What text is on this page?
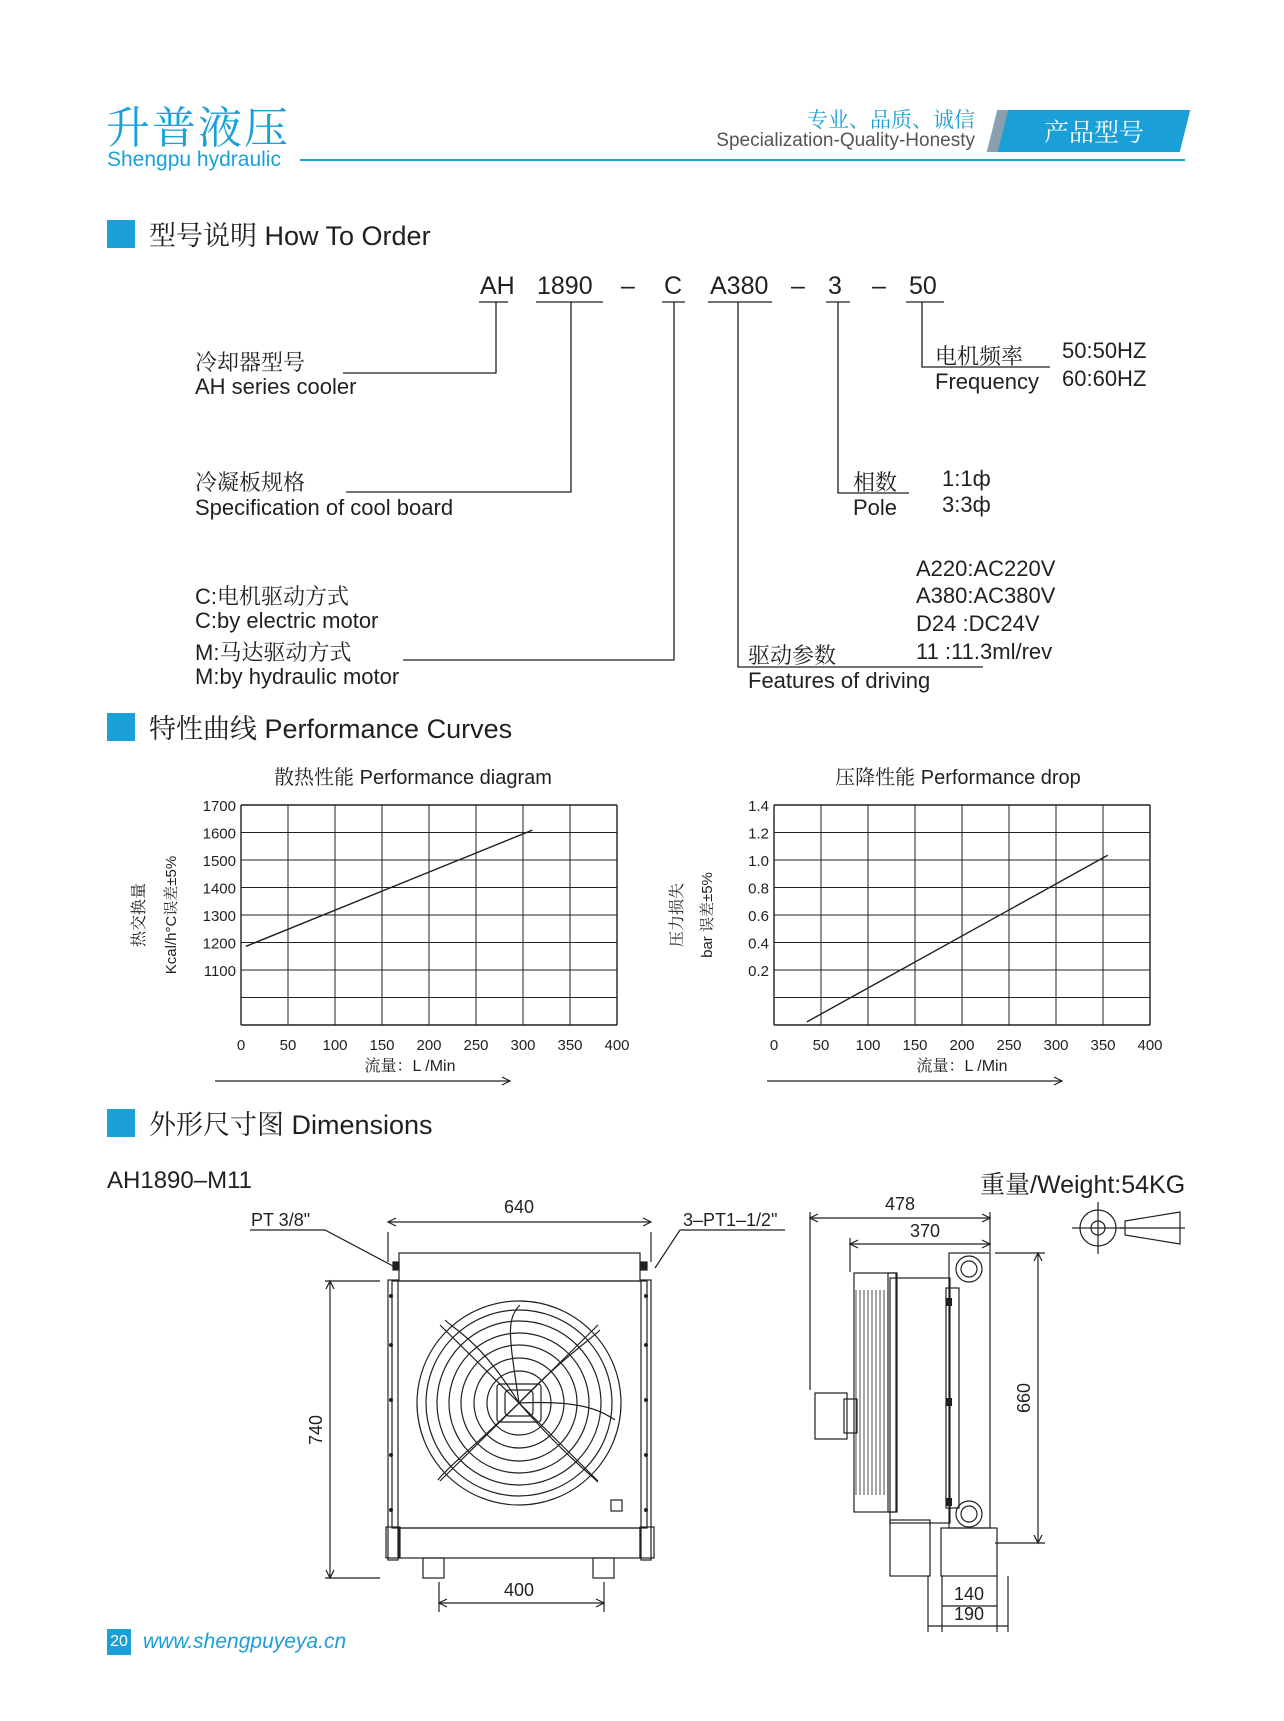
升普液压
Shengpu hydraulic
专业、品质、诚信
Specialization-Quality-Honesty	产品型号
型号说明 How To Order
AH 1890 – C A380 – 3 – 50
冷却器型号
AH series cooler
冷凝板规格
Specification of cool board
C:电机驱动方式
C:by electric motor
M:马达驱动方式
M:by hydraulic motor
电机频率
Frequency
50:50HZ
60:60HZ
相数
Pole
1:1ф
3:3ф
A220:AC220V
A380:AC380V
D24 :DC24V
11 :11.3ml/rev
驱动参数
Features of driving
特性曲线 Performance Curves
散热性能 Performance diagram
1700
1600
1500
1400
1300
1200
1100
0 50 100 150 200 250 300 350 400
热交换量 Kcal/h°C误差±5%
流量：L /Min
压降性能 Performance drop
1.4
1.2
1.0
0.8
0.6
0.4
0.2
0 50 100 150 200 250 300 350 400
压力损失 bar 误差±5%
流量：L /Min
外形尺寸图 Dimensions
AH1890–M11	重量/Weight:54KG
640
PT 3/8"	3–PT1–1/2"
400
740
478
370
660
140
190
20 www.shengpuyeya.cn
